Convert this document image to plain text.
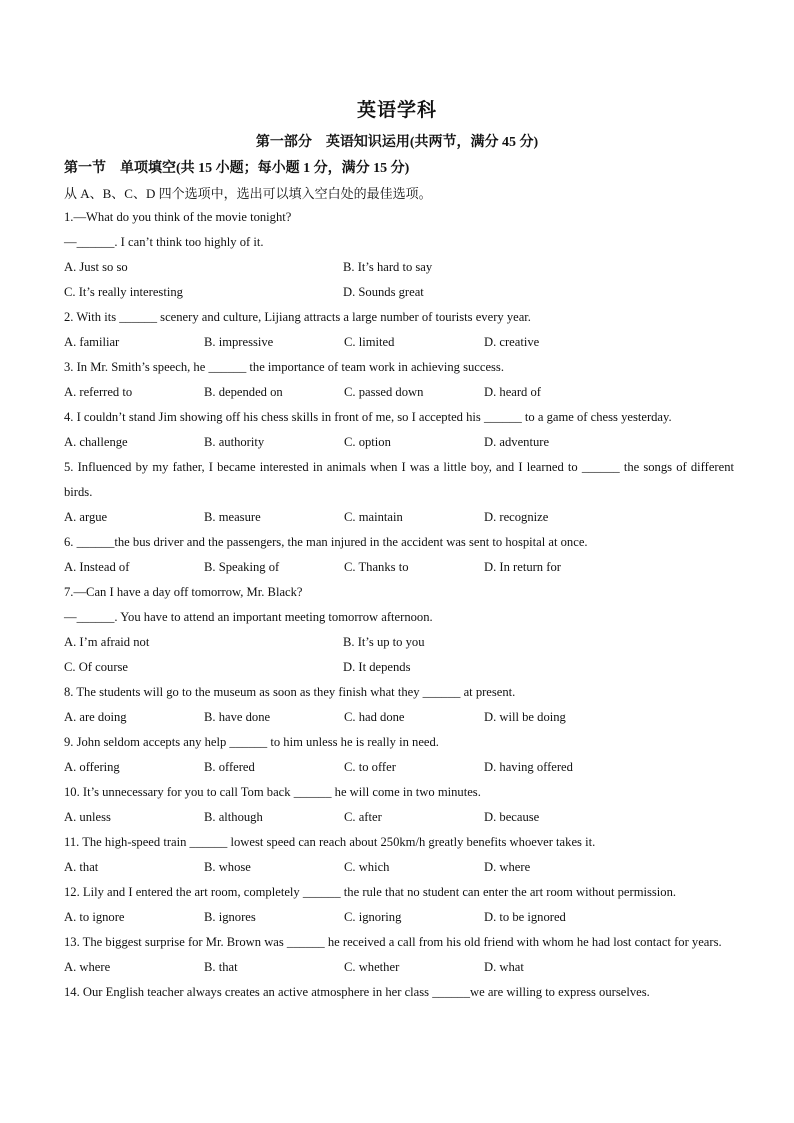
英语学科
第一部分　英语知识运用(共两节，满分 45 分)
第一节　单项填空(共 15 小题；每小题 1 分，满分 15 分)
从 A、B、C、D 四个选项中，选出可以填入空白处的最佳选项。
1.—What do you think of the movie tonight?
—______. I can’t think too highly of it.
A. Just so so	B. It’s hard to say
C. It’s really interesting	D. Sounds great
2. With its ______ scenery and culture, Lijiang attracts a large number of tourists every year.
A. familiar	B. impressive	C. limited	D. creative
3. In Mr. Smith’s speech, he ______ the importance of team work in achieving success.
A. referred to	B. depended on	C. passed down	D. heard of
4. I couldn’t stand Jim showing off his chess skills in front of me, so I accepted his ______ to a game of chess yesterday.
A. challenge	B. authority	C. option	D. adventure
5. Influenced by my father, I became interested in animals when I was a little boy, and I learned to ______ the songs of different birds.
A. argue	B. measure	C. maintain	D. recognize
6. ______the bus driver and the passengers, the man injured in the accident was sent to hospital at once.
A. Instead of	B. Speaking of	C. Thanks to	D. In return for
7.—Can I have a day off tomorrow, Mr. Black?
—______. You have to attend an important meeting tomorrow afternoon.
A. I’m afraid not	B. It’s up to you
C. Of course	D. It depends
8. The students will go to the museum as soon as they finish what they ______ at present.
A. are doing	B. have done	C. had done	D. will be doing
9. John seldom accepts any help ______ to him unless he is really in need.
A. offering	B. offered	C. to offer	D. having offered
10. It’s unnecessary for you to call Tom back ______ he will come in two minutes.
A. unless	B. although	C. after	D. because
11. The high-speed train ______ lowest speed can reach about 250km/h greatly benefits whoever takes it.
A. that	B. whose	C. which	D. where
12. Lily and I entered the art room, completely ______ the rule that no student can enter the art room without permission.
A. to ignore	B. ignores	C. ignoring	D. to be ignored
13. The biggest surprise for Mr. Brown was ______ he received a call from his old friend with whom he had lost contact for years.
A. where	B. that	C. whether	D. what
14. Our English teacher always creates an active atmosphere in her class ______we are willing to express ourselves.
